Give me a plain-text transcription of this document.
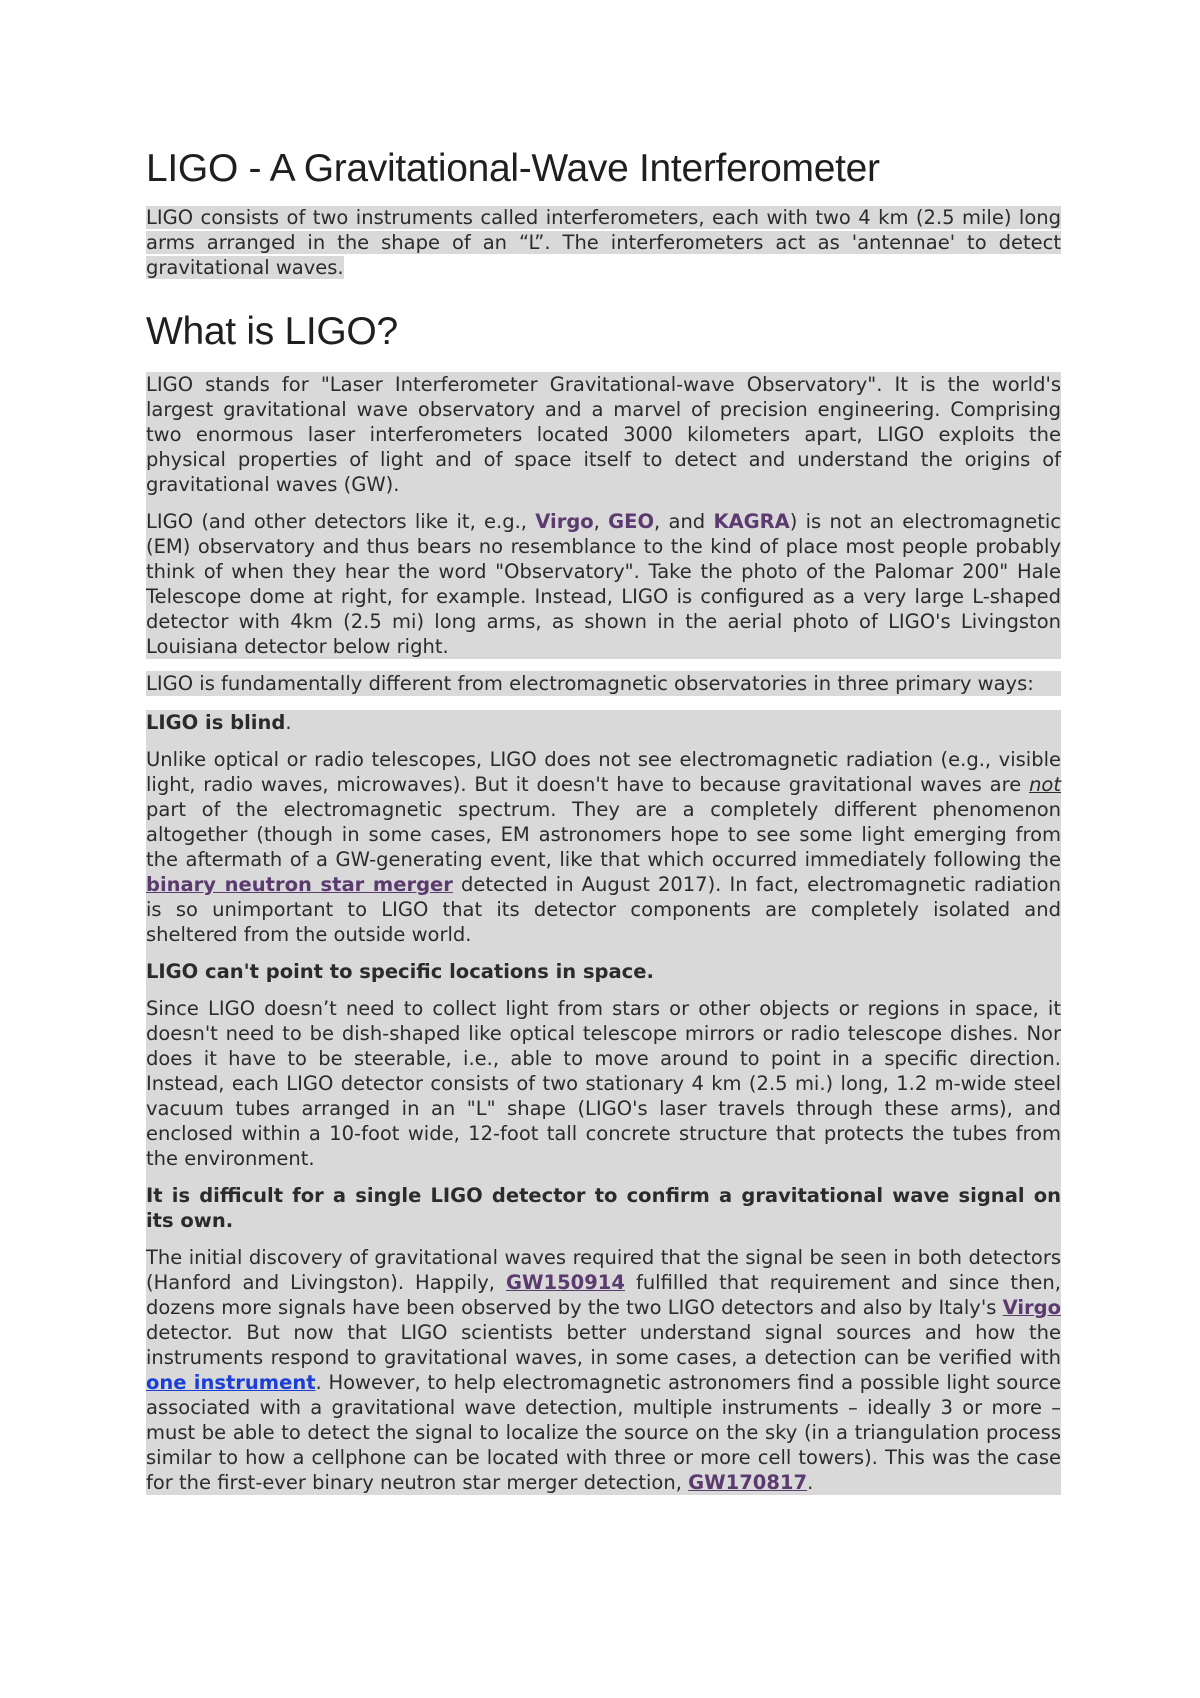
LIGO - A Gravitational-Wave Interferometer

LIGO consists of two instruments called interferometers, each with two 4 km (2.5 mile) long arms arranged in the shape of an “L”. The interferometers act as 'antennae' to detect gravitational waves.

What is LIGO?

LIGO stands for "Laser Interferometer Gravitational-wave Observatory". It is the world's largest gravitational wave observatory and a marvel of precision engineering. Comprising two enormous laser interferometers located 3000 kilometers apart, LIGO exploits the physical properties of light and of space itself to detect and understand the origins of gravitational waves (GW).

LIGO (and other detectors like it, e.g., Virgo, GEO, and KAGRA) is not an electromagnetic (EM) observatory and thus bears no resemblance to the kind of place most people probably think of when they hear the word "Observatory". Take the photo of the Palomar 200" Hale Telescope dome at right, for example. Instead, LIGO is configured as a very large L-shaped detector with 4km (2.5 mi) long arms, as shown in the aerial photo of LIGO's Livingston Louisiana detector below right.

LIGO is fundamentally different from electromagnetic observatories in three primary ways:

LIGO is blind.

Unlike optical or radio telescopes, LIGO does not see electromagnetic radiation (e.g., visible light, radio waves, microwaves). But it doesn't have to because gravitational waves are not part of the electromagnetic spectrum. They are a completely different phenomenon altogether (though in some cases, EM astronomers hope to see some light emerging from the aftermath of a GW-generating event, like that which occurred immediately following the binary neutron star merger detected in August 2017). In fact, electromagnetic radiation is so unimportant to LIGO that its detector components are completely isolated and sheltered from the outside world.

LIGO can't point to specific locations in space.

Since LIGO doesn’t need to collect light from stars or other objects or regions in space, it doesn't need to be dish-shaped like optical telescope mirrors or radio telescope dishes. Nor does it have to be steerable, i.e., able to move around to point in a specific direction. Instead, each LIGO detector consists of two stationary 4 km (2.5 mi.) long, 1.2 m-wide steel vacuum tubes arranged in an "L" shape (LIGO's laser travels through these arms), and enclosed within a 10-foot wide, 12-foot tall concrete structure that protects the tubes from the environment.

It is difficult for a single LIGO detector to confirm a gravitational wave signal on its own.

The initial discovery of gravitational waves required that the signal be seen in both detectors (Hanford and Livingston). Happily, GW150914 fulfilled that requirement and since then, dozens more signals have been observed by the two LIGO detectors and also by Italy's Virgo detector. But now that LIGO scientists better understand signal sources and how the instruments respond to gravitational waves, in some cases, a detection can be verified with one instrument. However, to help electromagnetic astronomers find a possible light source associated with a gravitational wave detection, multiple instruments – ideally 3 or more – must be able to detect the signal to localize the source on the sky (in a triangulation process similar to how a cellphone can be located with three or more cell towers). This was the case for the first-ever binary neutron star merger detection, GW170817.
